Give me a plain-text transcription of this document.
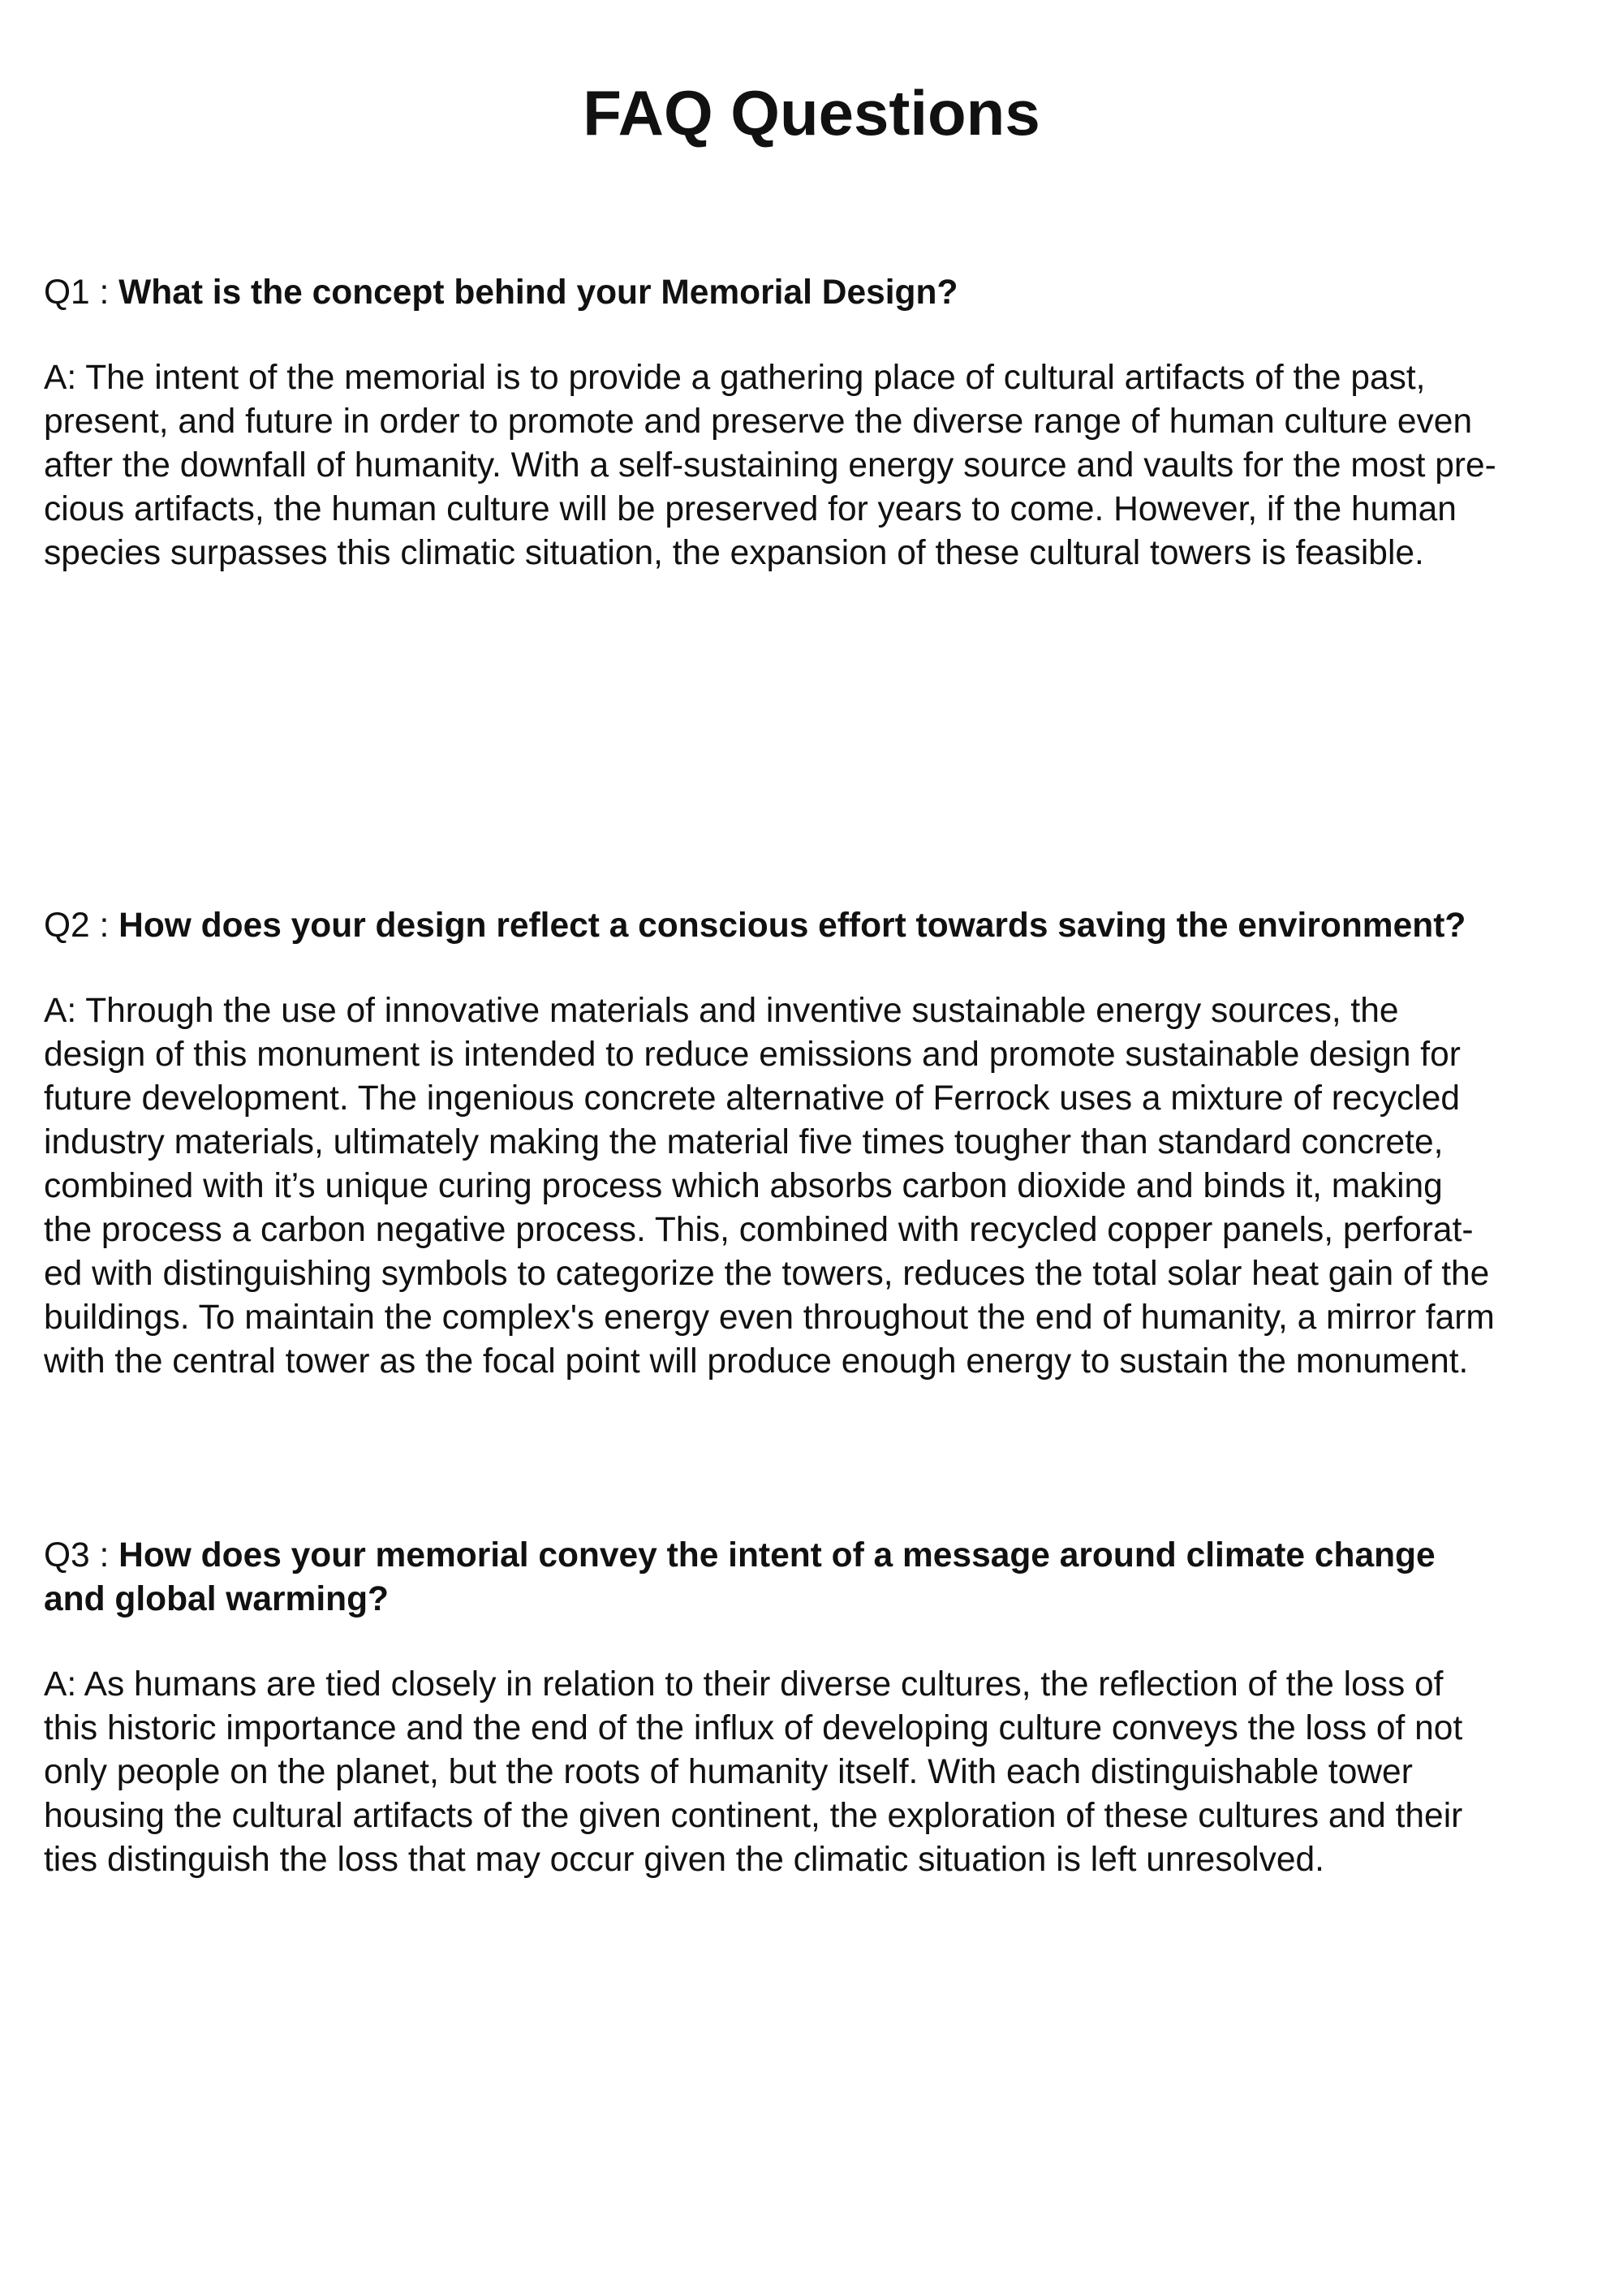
FAQ Questions

Q1 : What is the concept behind your Memorial Design?

A: The intent of the memorial is to provide a gathering place of cultural artifacts of the past,
present, and future in order to promote and preserve the diverse range of human culture even
after the downfall of humanity. With a self-sustaining energy source and vaults for the most pre-
cious artifacts, the human culture will be preserved for years to come. However, if the human
species surpasses this climatic situation, the expansion of these cultural towers is feasible.

Q2 : How does your design reflect a conscious effort towards saving the environment?

A: Through the use of innovative materials and inventive sustainable energy sources, the
design of this monument is intended to reduce emissions and promote sustainable design for
future development. The ingenious concrete alternative of Ferrock uses a mixture of recycled
industry materials, ultimately making the material five times tougher than standard concrete,
combined with it’s unique curing process which absorbs carbon dioxide and binds it, making
the process a carbon negative process. This, combined with recycled copper panels, perforat-
ed with distinguishing symbols to categorize the towers, reduces the total solar heat gain of the
buildings. To maintain the complex's energy even throughout the end of humanity, a mirror farm
with the central tower as the focal point will produce enough energy to sustain the monument.

Q3 : How does your memorial convey the intent of a message around climate change
and global warming?

A: As humans are tied closely in relation to their diverse cultures, the reflection of the loss of
this historic importance and the end of the influx of developing culture conveys the loss of not
only people on the planet, but the roots of humanity itself. With each distinguishable tower
housing the cultural artifacts of the given continent, the exploration of these cultures and their
ties distinguish the loss that may occur given the climatic situation is left unresolved.
